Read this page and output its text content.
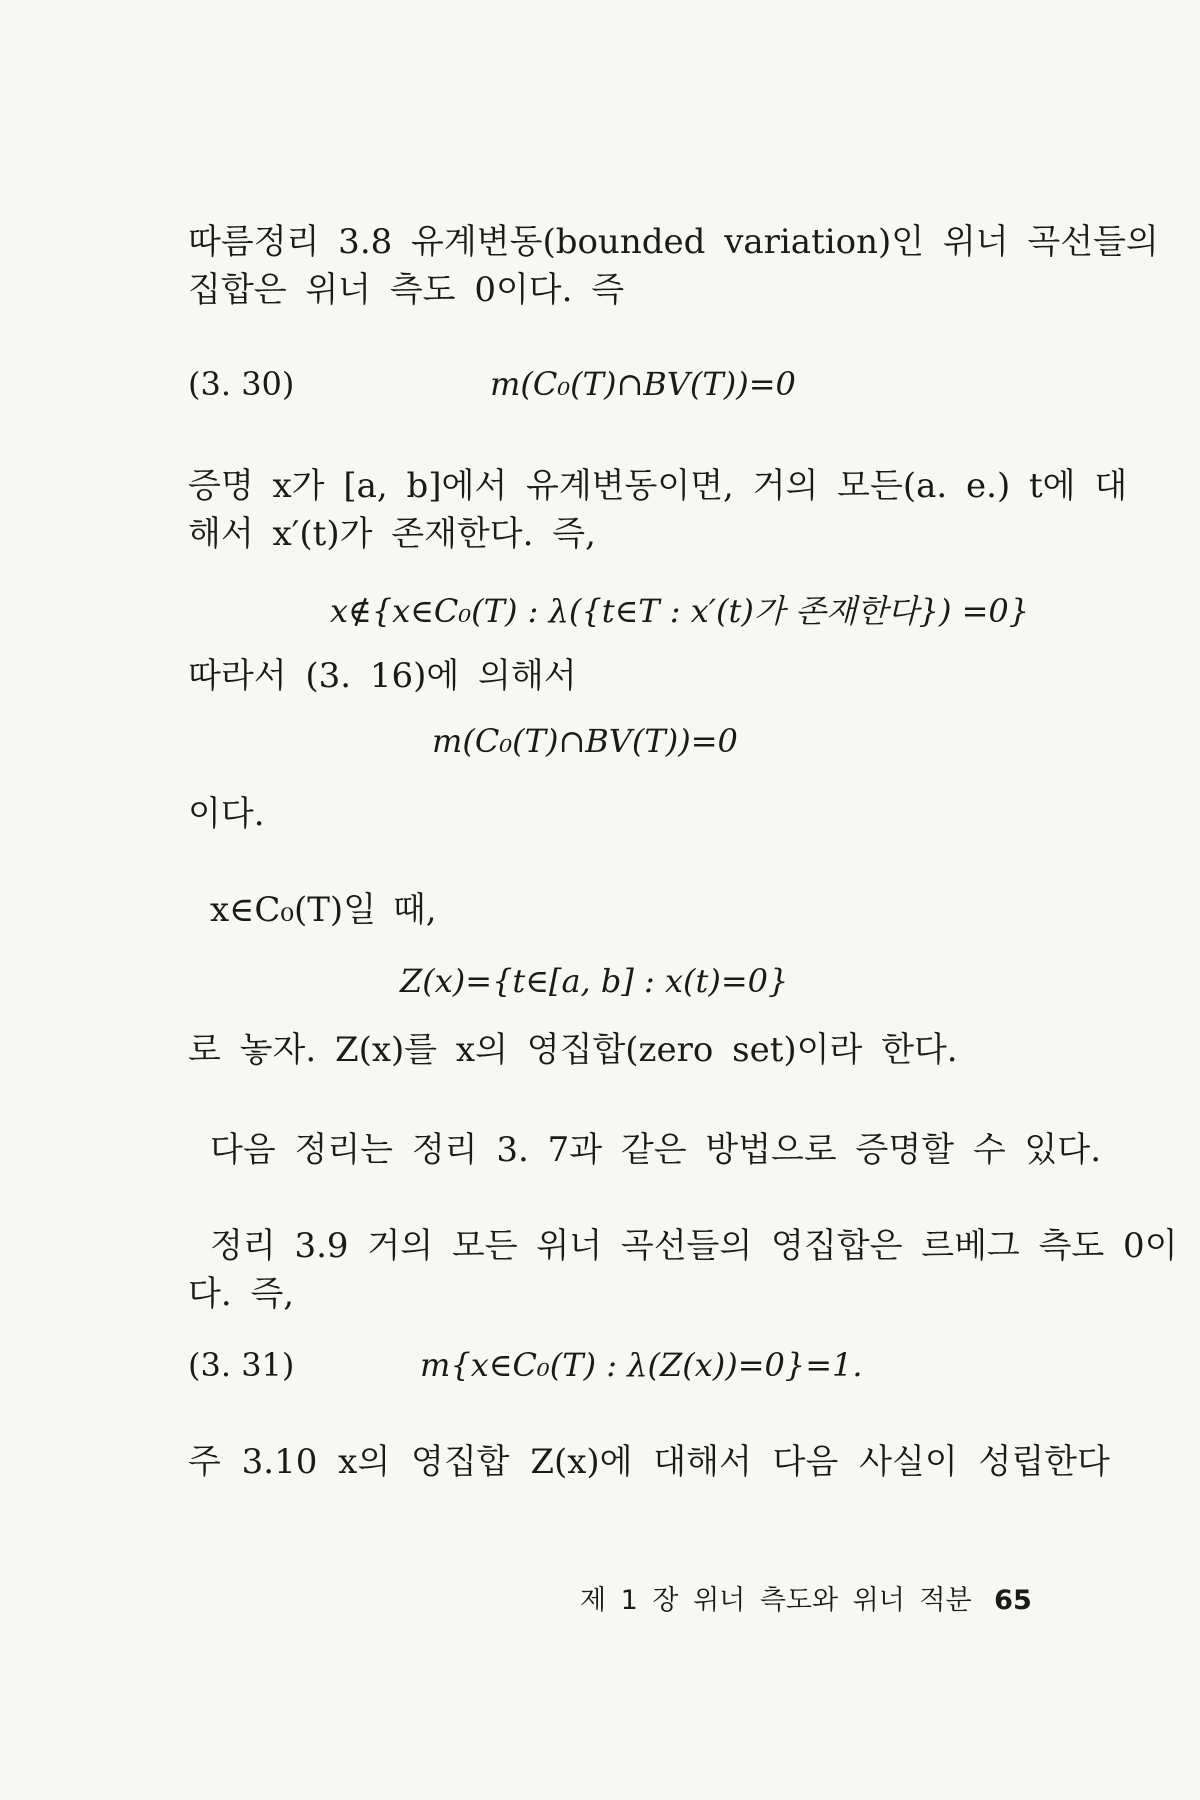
따름정리 3.8 유계변동(bounded variation)인 위너 곡선들의
집합은 위너 측도 0이다. 즉
(3. 30)	m(C₀(T)∩BV(T))=0
증명 x가 [a, b]에서 유계변동이면, 거의 모든(a. e.) t에 대
해서 x′(t)가 존재한다. 즉,
x∉{x∈C₀(T) : λ({t∈T : x′(t)가 존재한다}) =0}
따라서 (3. 16)에 의해서
m(C₀(T)∩BV(T))=0
이다.
x∈C₀(T)일 때,
Z(x)={t∈[a, b] : x(t)=0}
로 놓자. Z(x)를 x의 영집합(zero set)이라 한다.
다음 정리는 정리 3. 7과 같은 방법으로 증명할 수 있다.
정리 3.9 거의 모든 위너 곡선들의 영집합은 르베그 측도 0이
다. 즉,
(3. 31)	m{x∈C₀(T) : λ(Z(x))=0}=1.
주 3.10 x의 영집합 Z(x)에 대해서 다음 사실이 성립한다
제 1 장 위너 측도와 위너 적분 65
